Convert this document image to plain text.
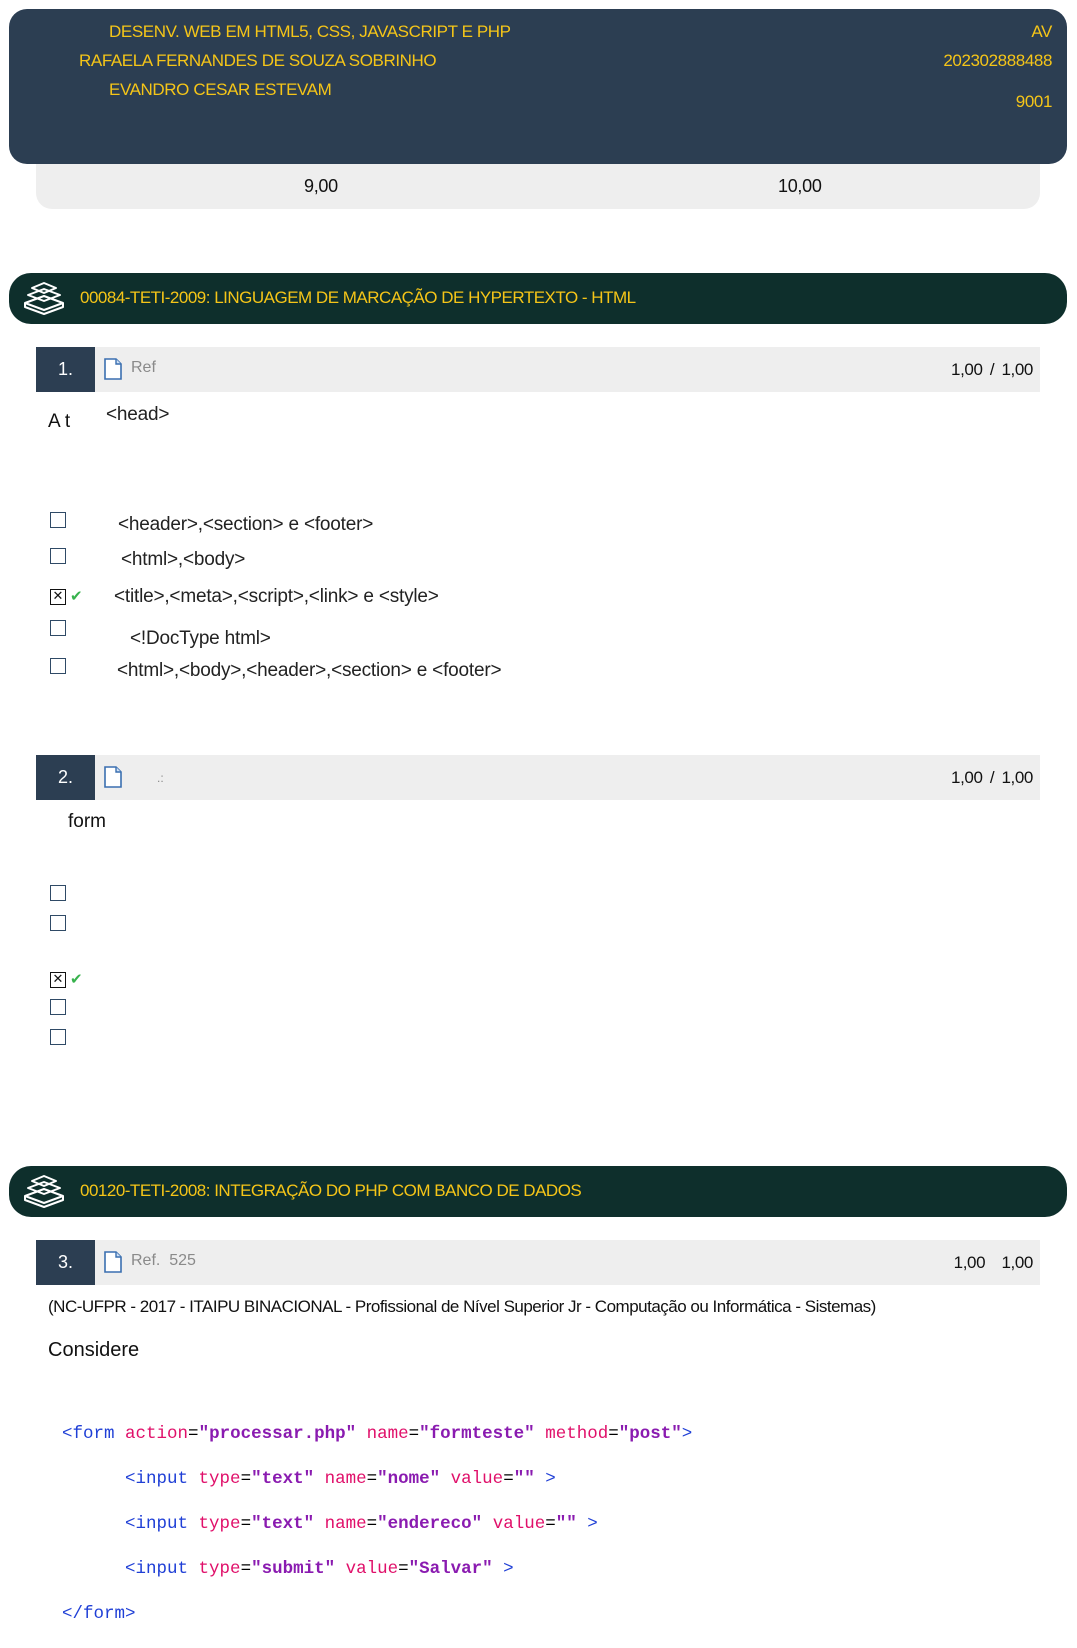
DESENV. WEB EM HTML5, CSS, JAVASCRIPT E PHP
RAFAELA FERNANDES DE SOUZA SOBRINHO
EVANDRO CESAR ESTEVAM
AV
202302888488
9001
9,00	10,00
00084-TETI-2009: LINGUAGEM DE MARCAÇÃO DE HYPERTEXTO - HTML
1.	Ref	1,00 / 1,00
A t <head>
<header>,<section> e <footer>
<html>,<body>
✕ ✔ <title>,<meta>,<script>,<link> e <style>
<!DocType html>
<html>,<body>,<header>,<section> e <footer>
2.	.:	1,00 / 1,00
form
✕ ✔
00120-TETI-2008: INTEGRAÇÃO DO PHP COM BANCO DE DADOS
3.	Ref.  525	1,00 1,00
(NC-UFPR - 2017 - ITAIPU BINACIONAL - Profissional de Nível Superior Jr - Computação ou Informática - Sistemas)
Considere

<form action="processar.php" name="formteste" method="post">

<input type="text" name="nome" value="" >

<input type="text" name="endereco" value="" >

<input type="submit" value="Salvar" >

</form>
